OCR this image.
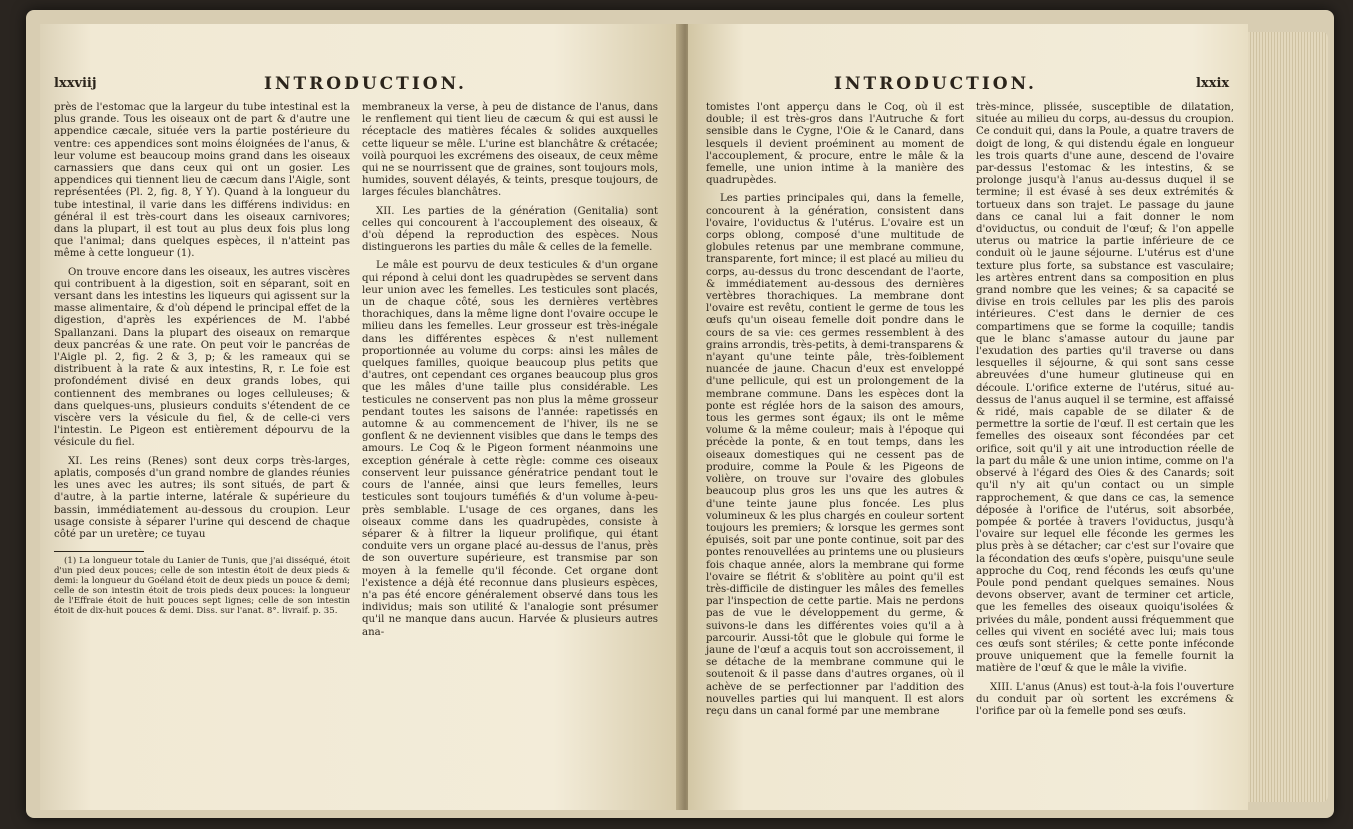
lxxviij	INTRODUCTION.

près de l'estomac que la largeur du tube intestinal est la plus grande. Tous les oiseaux ont de part & d'autre une appendice cæcale, située vers la partie postérieure du ventre: ces appendices sont moins éloignées de l'anus, & leur volume est beaucoup moins grand dans les oiseaux carnassiers que dans ceux qui ont un gosier. Les appendices qui tiennent lieu de cæcum dans l'Aigle, sont représentées (Pl. 2, fig. 8, Y Y). Quand à la longueur du tube intestinal, il varie dans les différens individus: en général il est très-court dans les oiseaux carnivores; dans la plupart, il est tout au plus deux fois plus long que l'animal; dans quelques espèces, il n'atteint pas même à cette longueur (1).

On trouve encore dans les oiseaux, les autres viscères qui contribuent à la digestion, soit en séparant, soit en versant dans les intestins les liqueurs qui agissent sur la masse alimentaire, & d'où dépend le principal effet de la digestion, d'après les expériences de M. l'abbé Spallanzani. Dans la plupart des oiseaux on remarque deux pancréas & une rate. On peut voir le pancréas de l'Aigle pl. 2, fig. 2 & 3, p; & les rameaux qui se distribuent à la rate & aux intestins, R, r. Le foie est profondément divisé en deux grands lobes, qui contiennent des membranes ou loges celluleuses; & dans quelques-uns, plusieurs conduits s'étendent de ce viscère vers la vésicule du fiel, & de celle-ci vers l'intestin. Le Pigeon est entièrement dépourvu de la vésicule du fiel.

XI. Les reins (Renes) sont deux corps très-larges, aplatis, composés d'un grand nombre de glandes réunies les unes avec les autres; ils sont situés, de part & d'autre, à la partie interne, latérale & supérieure du bassin, immédiatement au-dessous du croupion. Leur usage consiste à séparer l'urine qui descend de chaque côté par un uretère; ce tuyau

(1) La longueur totale du Lanier de Tunis, que j'ai disséqué, étoit d'un pied deux pouces; celle de son intestin étoit de deux pieds & demi: la longueur du Goéland étoit de deux pieds un pouce & demi; celle de son intestin étoit de trois pieds deux pouces: la longueur de l'Effraie étoit de huit pouces sept lignes; celle de son intestin étoit de dix-huit pouces & demi. Diss. sur l'anat. 8°. livraif. p. 35.

membraneux la verse, à peu de distance de l'anus, dans le renflement qui tient lieu de cæcum & qui est aussi le réceptacle des matières fécales & solides auxquelles cette liqueur se mêle. L'urine est blanchâtre & crétacée; voilà pourquoi les excrémens des oiseaux, de ceux même qui ne se nourrissent que de graines, sont toujours mols, humides, souvent délayés, & teints, presque toujours, de larges fécules blanchâtres.

XII. Les parties de la génération (Genitalia) sont celles qui concourent à l'accouplement des oiseaux, & d'où dépend la reproduction des espèces. Nous distinguerons les parties du mâle & celles de la femelle.

Le mâle est pourvu de deux testicules & d'un organe qui répond à celui dont les quadrupèdes se servent dans leur union avec les femelles. Les testicules sont placés, un de chaque côté, sous les dernières vertèbres thorachiques, dans la même ligne dont l'ovaire occupe le milieu dans les femelles. Leur grosseur est très-inégale dans les différentes espèces & n'est nullement proportionnée au volume du corps: ainsi les mâles de quelques familles, quoique beaucoup plus petits que d'autres, ont cependant ces organes beaucoup plus gros que les mâles d'une taille plus considérable. Les testicules ne conservent pas non plus la même grosseur pendant toutes les saisons de l'année: rapetissés en automne & au commencement de l'hiver, ils ne se gonflent & ne deviennent visibles que dans le temps des amours. Le Coq & le Pigeon forment néanmoins une exception générale à cette règle: comme ces oiseaux conservent leur puissance génératrice pendant tout le cours de l'année, ainsi que leurs femelles, leurs testicules sont toujours tuméfiés & d'un volume à-peu-près semblable. L'usage de ces organes, dans les oiseaux comme dans les quadrupèdes, consiste à séparer & à filtrer la liqueur prolifique, qui étant conduite vers un organe placé au-dessus de l'anus, près de son ouverture supérieure, est transmise par son moyen à la femelle qu'il féconde. Cet organe dont l'existence a déjà été reconnue dans plusieurs espèces, n'a pas été encore généralement observé dans tous les individus; mais son utilité & l'analogie sont présumer qu'il ne manque dans aucun. Harvée & plusieurs autres ana-

INTRODUCTION.	lxxix

tomistes l'ont apperçu dans le Coq, où il est double; il est très-gros dans l'Autruche & fort sensible dans le Cygne, l'Oie & le Canard, dans lesquels il devient proéminent au moment de l'accouplement, & procure, entre le mâle & la femelle, une union intime à la manière des quadrupèdes.

Les parties principales qui, dans la femelle, concourent à la génération, consistent dans l'ovaire, l'oviductus & l'utérus. L'ovaire est un corps oblong, composé d'une multitude de globules retenus par une membrane commune, transparente, fort mince; il est placé au milieu du corps, au-dessus du tronc descendant de l'aorte, & immédiatement au-dessous des dernières vertèbres thorachiques. La membrane dont l'ovaire est revêtu, contient le germe de tous les œufs qu'un oiseau femelle doit pondre dans le cours de sa vie: ces germes ressemblent à des grains arrondis, très-petits, à demi-transparens & n'ayant qu'une teinte pâle, très-foiblement nuancée de jaune. Chacun d'eux est enveloppé d'une pellicule, qui est un prolongement de la membrane commune. Dans les espèces dont la ponte est réglée hors de la saison des amours, tous les germes sont égaux; ils ont le même volume & la même couleur; mais à l'époque qui précède la ponte, & en tout temps, dans les oiseaux domestiques qui ne cessent pas de produire, comme la Poule & les Pigeons de volière, on trouve sur l'ovaire des globules beaucoup plus gros les uns que les autres & d'une teinte jaune plus foncée. Les plus volumineux & les plus chargés en couleur sortent toujours les premiers; & lorsque les germes sont épuisés, soit par une ponte continue, soit par des pontes renouvellées au printems une ou plusieurs fois chaque année, alors la membrane qui forme l'ovaire se flétrit & s'oblitère au point qu'il est très-difficile de distinguer les mâles des femelles par l'inspection de cette partie. Mais ne perdons pas de vue le développement du germe, & suivons-le dans les différentes voies qu'il a à parcourir. Aussi-tôt que le globule qui forme le jaune de l'œuf a acquis tout son accroissement, il se détache de la membrane commune qui le soutenoit & il passe dans d'autres organes, où il achève de se perfectionner par l'addition des nouvelles parties qui lui manquent. Il est alors reçu dans un canal formé par une membrane

très-mince, plissée, susceptible de dilatation, située au milieu du corps, au-dessus du croupion. Ce conduit qui, dans la Poule, a quatre travers de doigt de long, & qui distendu égale en longueur les trois quarts d'une aune, descend de l'ovaire par-dessus l'estomac & les intestins, & se prolonge jusqu'à l'anus au-dessus duquel il se termine; il est évasé à ses deux extrémités & tortueux dans son trajet. Le passage du jaune dans ce canal lui a fait donner le nom d'oviductus, ou conduit de l'œuf; & l'on appelle uterus ou matrice la partie inférieure de ce conduit où le jaune séjourne. L'utérus est d'une texture plus forte, sa substance est vasculaire; les artères entrent dans sa composition en plus grand nombre que les veines; & sa capacité se divise en trois cellules par les plis des parois intérieures. C'est dans le dernier de ces compartimens que se forme la coquille; tandis que le blanc s'amasse autour du jaune par l'exudation des parties qu'il traverse ou dans lesquelles il séjourne, & qui sont sans cesse abreuvées d'une humeur glutineuse qui en découle. L'orifice externe de l'utérus, situé au-dessus de l'anus auquel il se termine, est affaissé & ridé, mais capable de se dilater & de permettre la sortie de l'œuf. Il est certain que les femelles des oiseaux sont fécondées par cet orifice, soit qu'il y ait une introduction réelle de la part du mâle & une union intime, comme on l'a observé à l'égard des Oies & des Canards; soit qu'il n'y ait qu'un contact ou un simple rapprochement, & que dans ce cas, la semence déposée à l'orifice de l'utérus, soit absorbée, pompée & portée à travers l'oviductus, jusqu'à l'ovaire sur lequel elle féconde les germes les plus près à se détacher; car c'est sur l'ovaire que la fécondation des œufs s'opère, puisqu'une seule approche du Coq, rend féconds les œufs qu'une Poule pond pendant quelques semaines. Nous devons observer, avant de terminer cet article, que les femelles des oiseaux quoiqu'isolées & privées du mâle, pondent aussi fréquemment que celles qui vivent en société avec lui; mais tous ces œufs sont stériles; & cette ponte inféconde prouve uniquement que la femelle fournit la matière de l'œuf & que le mâle la vivifie.

XIII. L'anus (Anus) est tout-à-la fois l'ouverture du conduit par où sortent les excrémens & l'orifice par où la femelle pond ses œufs.
